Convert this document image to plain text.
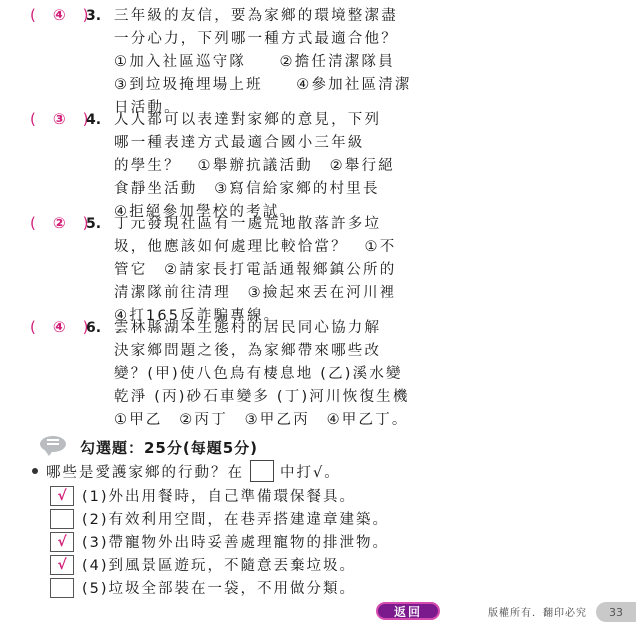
(　④　)
3. 三年級的友信，要為家鄉的環境整潔盡
一分心力，下列哪一種方式最適合他？
①加入社區巡守隊　　②擔任清潔隊員
③到垃圾掩埋場上班　　④參加社區清潔
日活動。
(　③　)
4. 人人都可以表達對家鄉的意見，下列
哪一種表達方式最適合國小三年級
的學生？　①舉辦抗議活動　②舉行絕
食靜坐活動　③寫信給家鄉的村里長
④拒絕參加學校的考試。
(　②　)
5. 丁元發現社區有一處荒地散落許多垃
圾，他應該如何處理比較恰當？　①不
管它　②請家長打電話通報鄉鎮公所的
清潔隊前往清理　③撿起來丟在河川裡
④打165反詐騙專線。
(　④　)
6. 雲林縣湖本生態村的居民同心協力解
決家鄉問題之後，為家鄉帶來哪些改
變？(甲)使八色鳥有棲息地 (乙)溪水變
乾淨 (丙)砂石車變多 (丁)河川恢復生機
①甲乙　②丙丁　③甲乙丙　④甲乙丁。
勾選題：25分(每題5分)
哪些是愛護家鄉的行動？在 中打√。
√	(1)外出用餐時，自己準備環保餐具。
(2)有效利用空間，在巷弄搭建違章建築。
√	(3)帶寵物外出時妥善處理寵物的排泄物。
√	(4)到風景區遊玩，不隨意丟棄垃圾。
(5)垃圾全部裝在一袋，不用做分類。
返回	版權所有．翻印必究	33
